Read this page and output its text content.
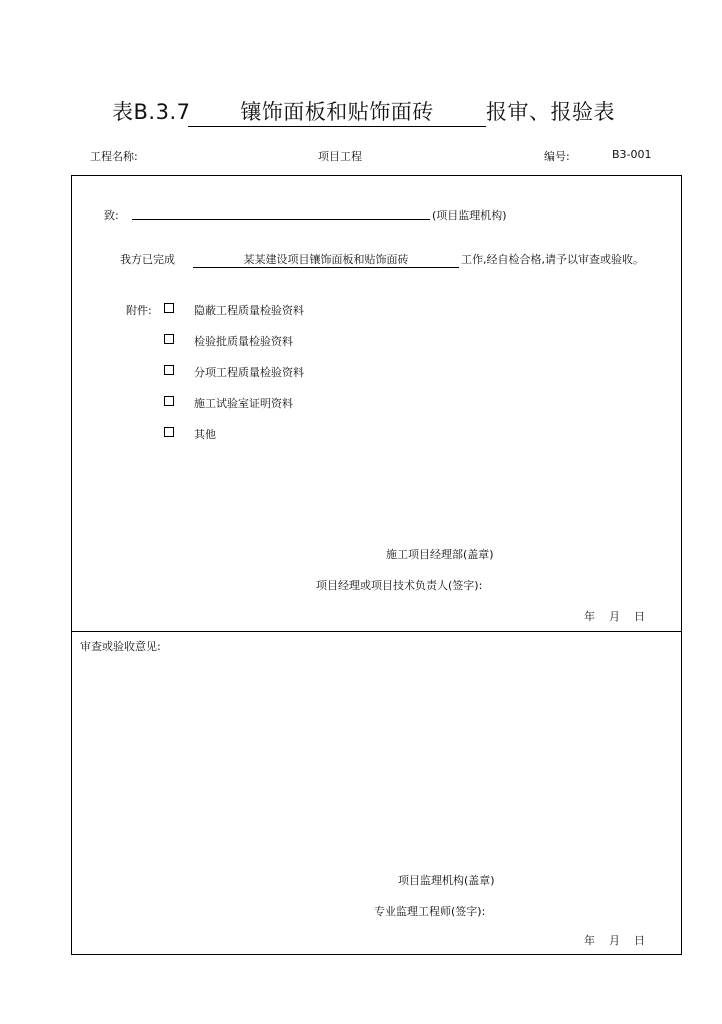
表B.3.7 镶饰面板和贴饰面砖 报审、报验表
工程名称:	项目工程	编号:	B3-001
致:	(项目监理机构)
我方已完成	某某建设项目镶饰面板和贴饰面砖	工作,经自检合格,请予以审查或验收。
附件:	隐蔽工程质量检验资料
检验批质量检验资料
分项工程质量检验资料
施工试验室证明资料
其他
施工项目经理部(盖章)
项目经理或项目技术负责人(签字):
年    月    日
审查或验收意见:
项目监理机构(盖章)
专业监理工程师(签字):
年    月    日
